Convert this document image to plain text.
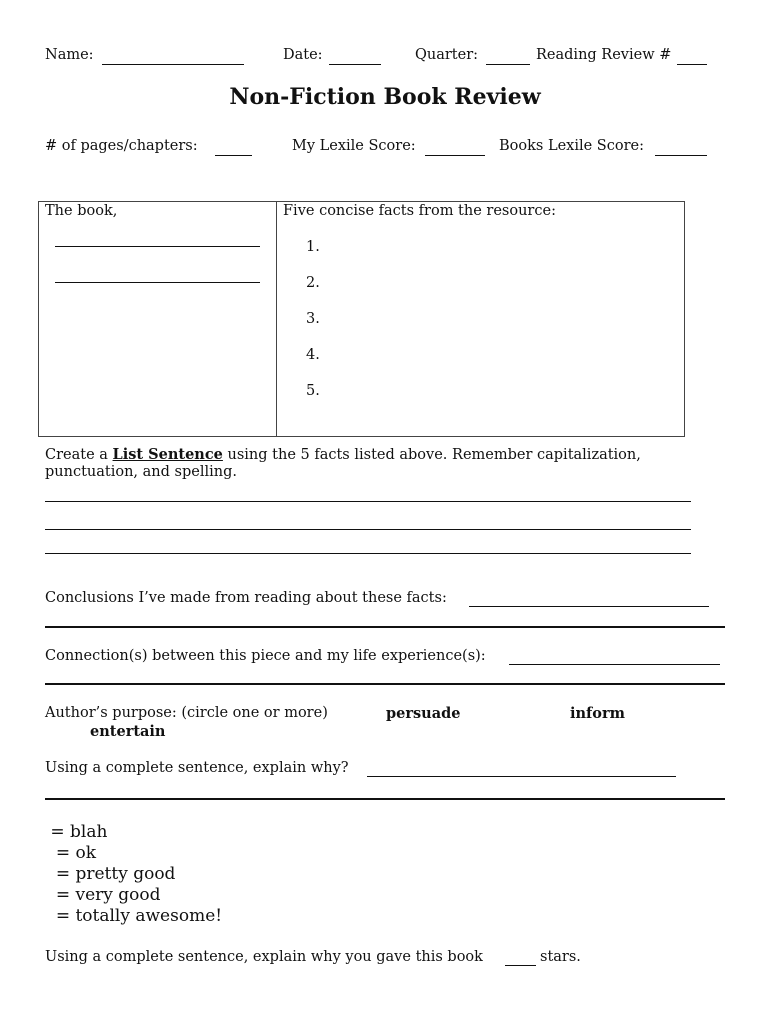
Name:	Date:	Quarter:	Reading Review #
Non-Fiction Book Review
# of pages/chapters:	My Lexile Score:	Books Lexile Score:
The book,	Five concise facts from the resource:
1.
2.
3.
4.
5.
Create a List Sentence using the 5 facts listed above. Remember capitalization,
punctuation, and spelling.
Conclusions I’ve made from reading about these facts:
Connection(s) between this piece and my life experience(s):
Author’s purpose: (circle one or more)	persuade	inform
entertain
Using a complete sentence, explain why?
= blah
= ok
= pretty good
= very good
= totally awesome!
Using a complete sentence, explain why you gave this book	stars.
